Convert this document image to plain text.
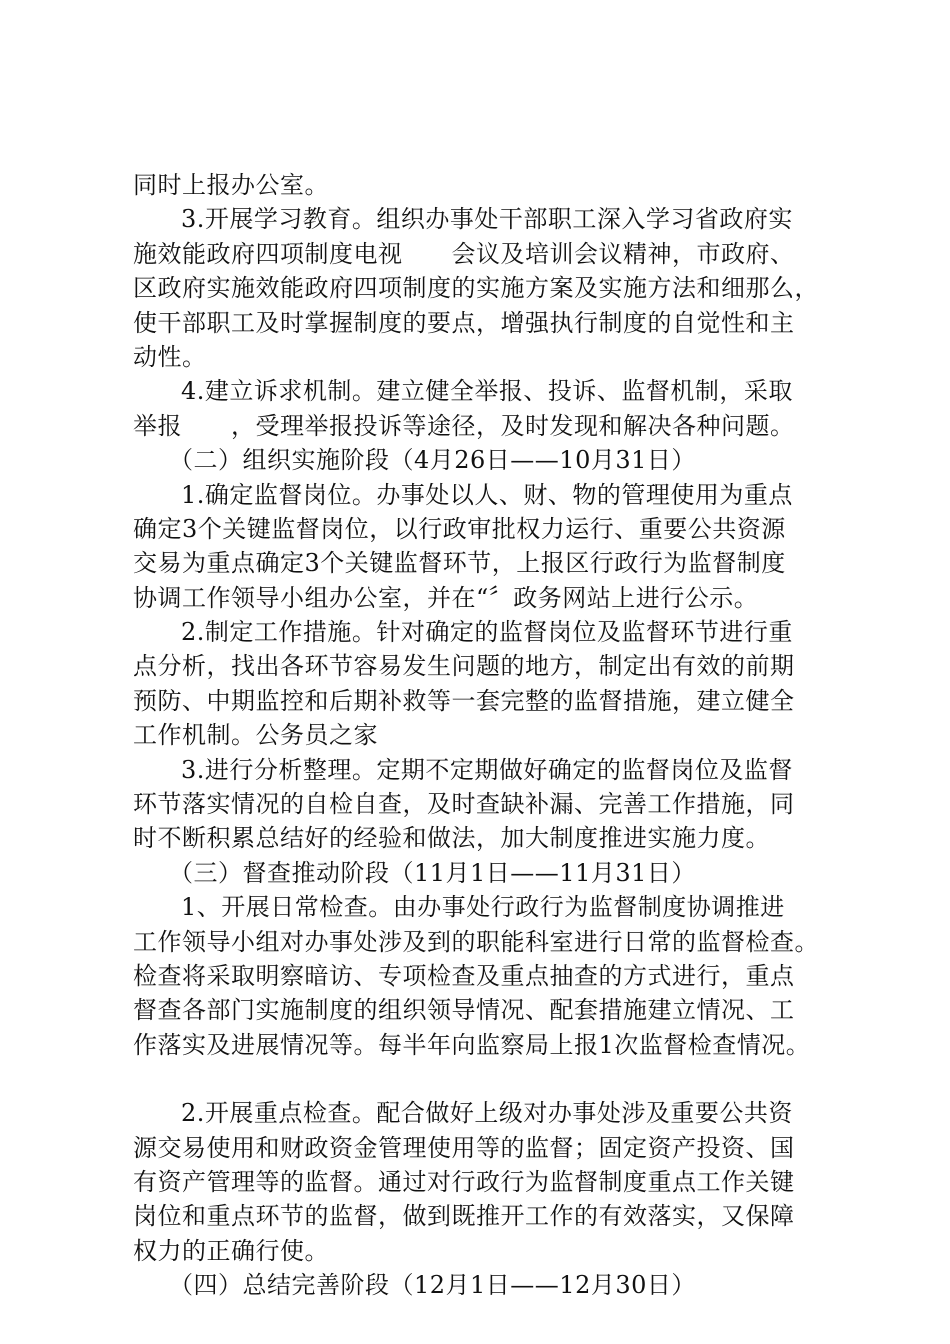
同时上报办公室。
3.开展学习教育。组织办事处干部职工深入学习省政府实
施效能政府四项制度电视　　会议及培训会议精神，市政府、
区政府实施效能政府四项制度的实施方案及实施方法和细那么，
使干部职工及时掌握制度的要点，增强执行制度的自觉性和主
动性。
4.建立诉求机制。建立健全举报、投诉、监督机制，采取
举报　　，受理举报投诉等途径，及时发现和解决各种问题。
（二）组织实施阶段（4月26日——10月31日）
1.确定监督岗位。办事处以人、财、物的管理使用为重点
确定3个关键监督岗位，以行政审批权力运行、重要公共资源
交易为重点确定3个关键监督环节，上报区行政行为监督制度
协调工作领导小组办公室，并在“〞政务网站上进行公示。
2.制定工作措施。针对确定的监督岗位及监督环节进行重
点分析，找出各环节容易发生问题的地方，制定出有效的前期
预防、中期监控和后期补救等一套完整的监督措施，建立健全
工作机制。公务员之家
3.进行分析整理。定期不定期做好确定的监督岗位及监督
环节落实情况的自检自查，及时查缺补漏、完善工作措施，同
时不断积累总结好的经验和做法，加大制度推进实施力度。
（三）督查推动阶段（11月1日——11月31日）
1、开展日常检查。由办事处行政行为监督制度协调推进
工作领导小组对办事处涉及到的职能科室进行日常的监督检查。
检查将采取明察暗访、专项检查及重点抽查的方式进行，重点
督查各部门实施制度的组织领导情况、配套措施建立情况、工
作落实及进展情况等。每半年向监察局上报1次监督检查情况。
2.开展重点检查。配合做好上级对办事处涉及重要公共资
源交易使用和财政资金管理使用等的监督；固定资产投资、国
有资产管理等的监督。通过对行政行为监督制度重点工作关键
岗位和重点环节的监督，做到既推开工作的有效落实，又保障
权力的正确行使。
（四）总结完善阶段（12月1日——12月30日）
